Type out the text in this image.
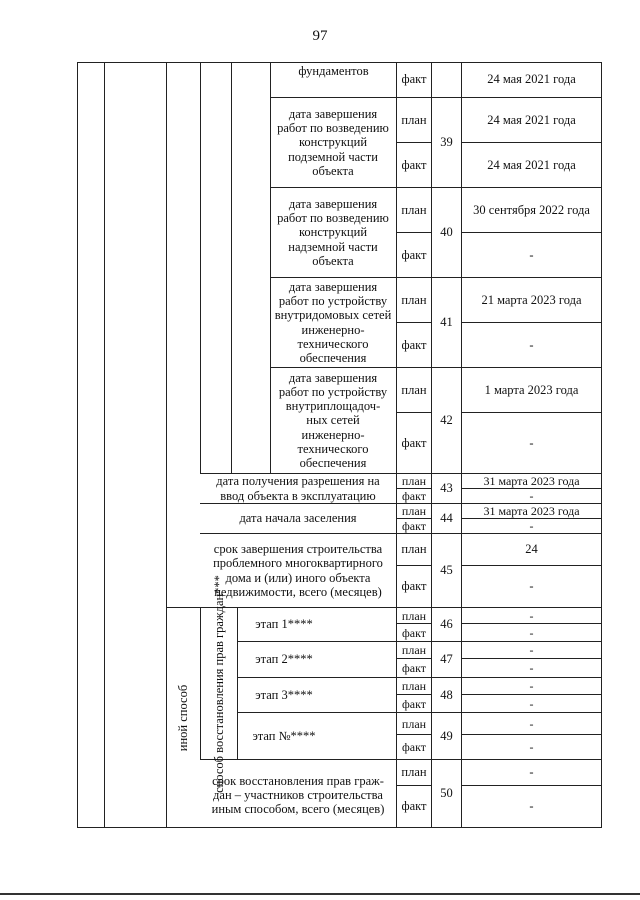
97
фундаментов
факт	24 мая 2021 года
дата завершения работ по возведению конструкций подземной части объекта
план
факт
39
24 мая 2021 года
24 мая 2021 года
дата завершения работ по возведению конструкций надземной части объекта
план
факт
40
30 сентября 2022 года
-
дата завершения работ по устройству внутридомовых сетей инженерно-технического обеспечения
план
факт
41
21 марта 2023 года
-
дата завершения работ по устройству внутриплощадоч-ных сетей инженерно-технического обеспечения
план
факт
42
1 марта 2023 года
-
дата получения разрешения на ввод объекта в эксплуатацию
план
факт
43
31 марта 2023 года
-
дата начала заселения
план
факт
44
31 марта 2023 года
-
срок завершения строительства проблемного многоквартирного дома и (или) иного объекта недвижимости, всего (месяцев)
план
факт
45
24
-
иной способ способ восстановления прав граждан***	этап 1****
план
факт
46
-
-
этап 2****
план
факт
47
-
-
этап 3****
план
факт
48
-
-
этап №****
план
факт
49
-
-
срок восстановления прав граж-дан – участников строительства иным способом, всего (месяцев)
план
факт
50
-
-
